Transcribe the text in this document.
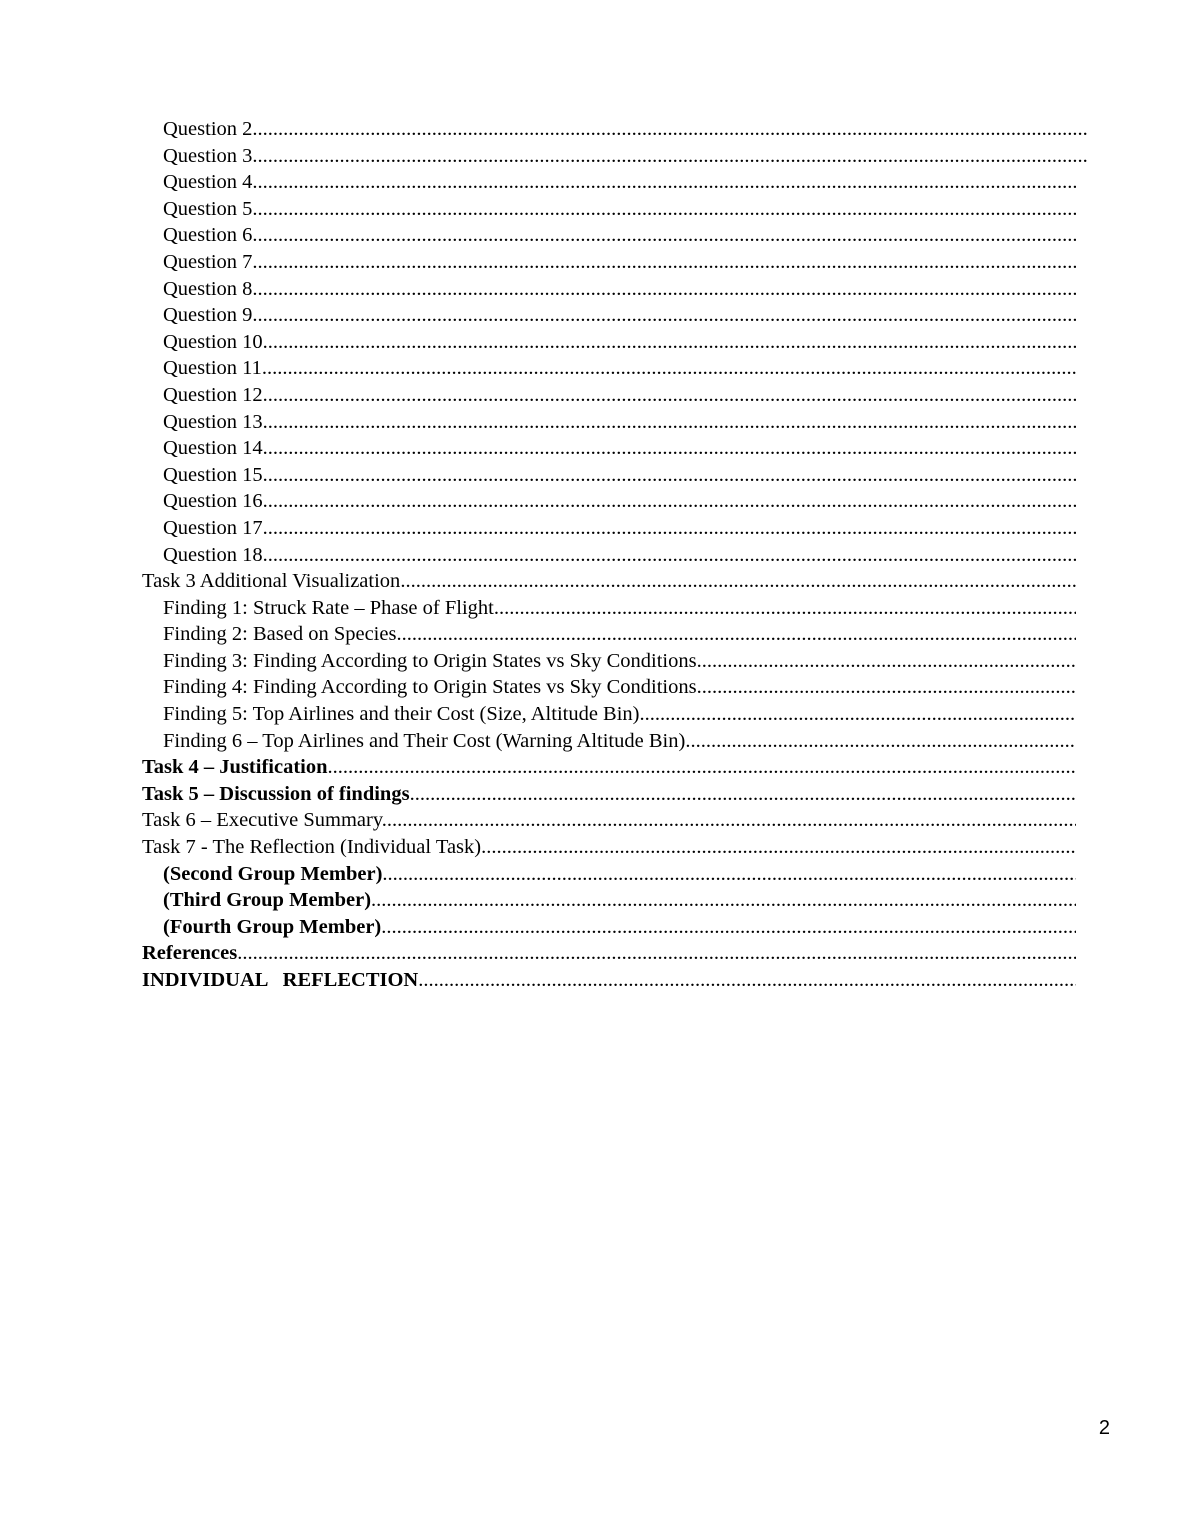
Question 2 .....
Question 3 .....
Question 4 .....
Question 5 .....
Question 6 .....
Question 7 .....
Question 8 .....
Question 9 .....
Question 10 .....
Question 11 .....
Question 12 .....
Question 13 .....
Question 14 .....
Question 15 .....
Question 16 .....
Question 17 .....
Question 18 .....
Task 3 Additional Visualization .....
Finding 1: Struck Rate – Phase of Flight .....
Finding 2: Based on Species .....
Finding 3: Finding According to Origin States vs Sky Conditions .....
Finding 4: Finding According to Origin States vs Sky Conditions .....
Finding 5: Top Airlines and their Cost (Size, Altitude Bin) .....
Finding 6 – Top Airlines and Their Cost (Warning Altitude Bin) .....
Task 4 – Justification .....
Task 5 – Discussion of findings .....
Task 6 – Executive Summary .....
Task 7 - The Reflection (Individual Task) .....
(Second Group Member) .....
(Third Group Member) .....
(Fourth Group Member) .....
References .....
INDIVIDUAL   REFLECTION .....
2
